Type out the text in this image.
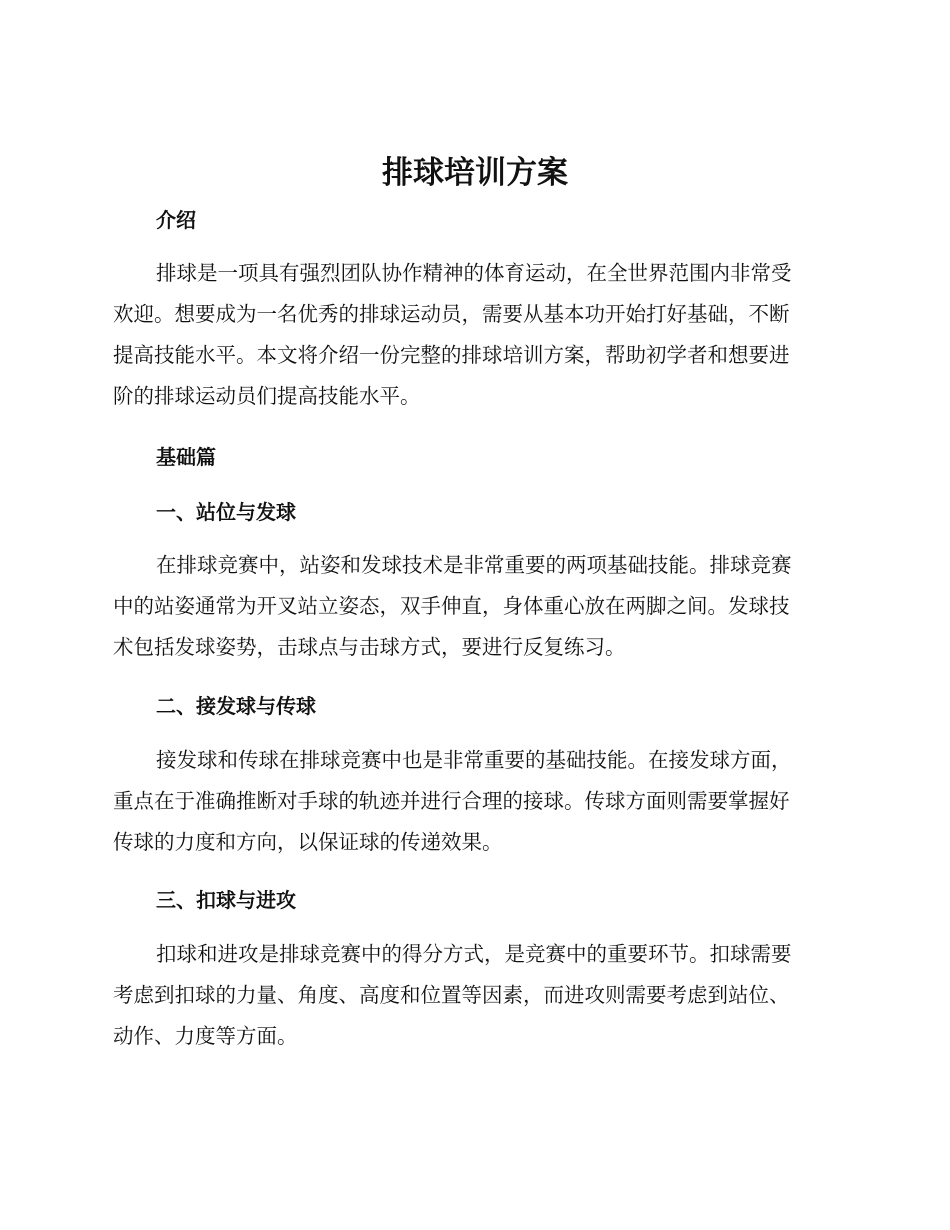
排球培训方案
介绍

排球是一项具有强烈团队协作精神的体育运动，在全世界范围内非常受
欢迎。想要成为一名优秀的排球运动员，需要从基本功开始打好基础，不断
提高技能水平。本文将介绍一份完整的排球培训方案，帮助初学者和想要进
阶的排球运动员们提高技能水平。

基础篇
一、站位与发球

在排球竞赛中，站姿和发球技术是非常重要的两项基础技能。排球竞赛
中的站姿通常为开叉站立姿态，双手伸直，身体重心放在两脚之间。发球技
术包括发球姿势，击球点与击球方式，要进行反复练习。

二、接发球与传球

接发球和传球在排球竞赛中也是非常重要的基础技能。在接发球方面，
重点在于准确推断对手球的轨迹并进行合理的接球。传球方面则需要掌握好
传球的力度和方向，以保证球的传递效果。

三、扣球与进攻

扣球和进攻是排球竞赛中的得分方式，是竞赛中的重要环节。扣球需要
考虑到扣球的力量、角度、高度和位置等因素，而进攻则需要考虑到站位、
动作、力度等方面。
